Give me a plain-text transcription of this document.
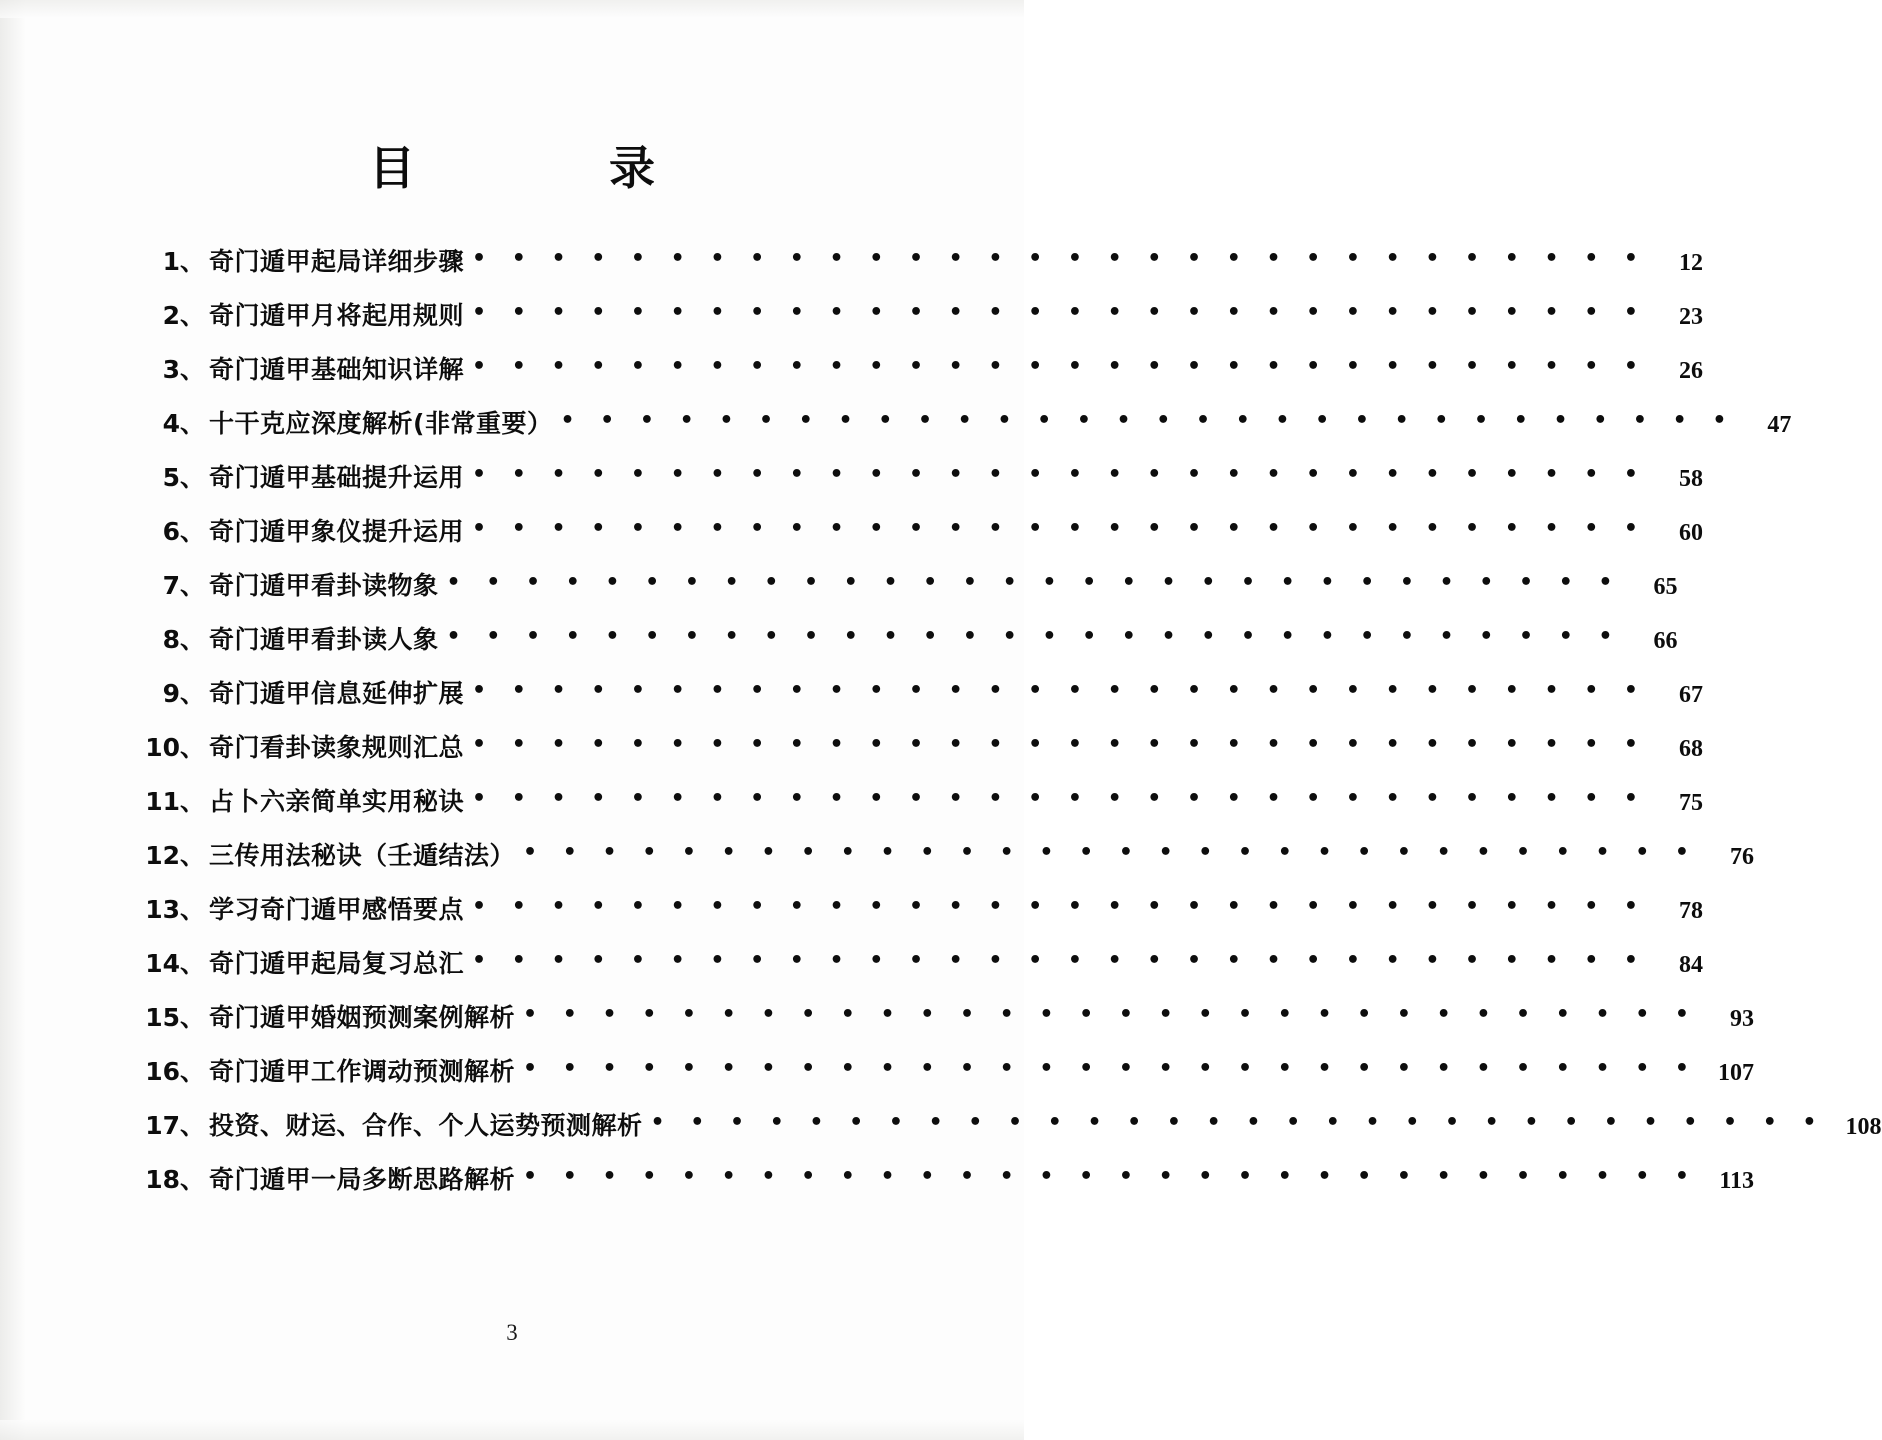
目　　录
1 、 奇门遁甲起局详细步骤 • • • • • • • • • • • • • • • • • • • • • • • • • • • • • •	12
2 、 奇门遁甲月将起用规则 • • • • • • • • • • • • • • • • • • • • • • • • • • • • • •	23
3 、 奇门遁甲基础知识详解 • • • • • • • • • • • • • • • • • • • • • • • • • • • • • •	26
4 、 十干克应深度解析(非常重要） • • • • • • • • • • • • • • • • • • • • • • • • • • • • • •	47
5 、 奇门遁甲基础提升运用 • • • • • • • • • • • • • • • • • • • • • • • • • • • • • •	58
6 、 奇门遁甲象仪提升运用 • • • • • • • • • • • • • • • • • • • • • • • • • • • • • •	60
7 、 奇门遁甲看卦读物象 • • • • • • • • • • • • • • • • • • • • • • • • • • • • • •	65
8 、 奇门遁甲看卦读人象 • • • • • • • • • • • • • • • • • • • • • • • • • • • • • •	66
9 、 奇门遁甲信息延伸扩展 • • • • • • • • • • • • • • • • • • • • • • • • • • • • • •	67
10 、 奇门看卦读象规则汇总 • • • • • • • • • • • • • • • • • • • • • • • • • • • • • •	68
11 、 占卜六亲简单实用秘诀 • • • • • • • • • • • • • • • • • • • • • • • • • • • • • •	75
12 、 三传用法秘诀（壬遁结法） • • • • • • • • • • • • • • • • • • • • • • • • • • • • • •	76
13 、 学习奇门遁甲感悟要点 • • • • • • • • • • • • • • • • • • • • • • • • • • • • • •	78
14 、 奇门遁甲起局复习总汇 • • • • • • • • • • • • • • • • • • • • • • • • • • • • • •	84
15 、 奇门遁甲婚姻预测案例解析 • • • • • • • • • • • • • • • • • • • • • • • • • • • • • •	93
16 、 奇门遁甲工作调动预测解析 • • • • • • • • • • • • • • • • • • • • • • • • • • • • • • 107
17 、 投资、财运、合作、个人运势预测解析 • • • • • • • • • • • • • • • • • • • • • • • • • • • • • • 108
18 、 奇门遁甲一局多断思路解析 • • • • • • • • • • • • • • • • • • • • • • • • • • • • • • 113
3
